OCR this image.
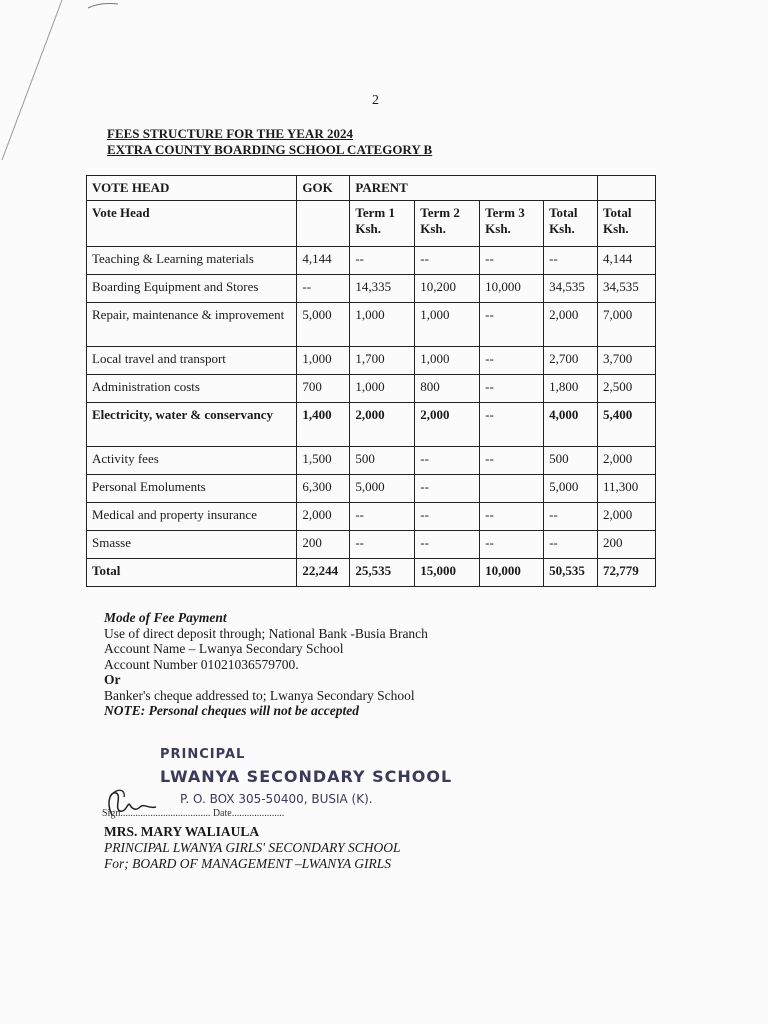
2
FEES STRUCTURE FOR THE YEAR 2024
EXTRA COUNTY BOARDING SCHOOL CATEGORY B
VOTE HEAD	GOK	PARENT				
Vote Head		Term 1 Ksh.	Term 2 Ksh.	Term 3 Ksh.	Total Ksh.	Total Ksh.
Teaching & Learning materials	4,144	--	--	--	--	4,144
Boarding Equipment and Stores	--	14,335	10,200	10,000	34,535	34,535
Repair, maintenance & improvement	5,000	1,000	1,000	--	2,000	7,000
Local travel and transport	1,000	1,700	1,000	--	2,700	3,700
Administration costs	700	1,000	800	--	1,800	2,500
Electricity, water & conservancy	1,400	2,000	2,000	--	4,000	5,400
Activity fees	1,500	500	--	--	500	2,000
Personal Emoluments	6,300	5,000	--		5,000	11,300
Medical and property insurance	2,000	--	--	--	--	2,000
Smasse	200	--	--	--	--	200
Total	22,244	25,535	15,000	10,000	50,535	72,779
Mode of Fee Payment
Use of direct deposit through; National Bank -Busia Branch
Account Name – Lwanya Secondary School
Account Number 01021036579700.
Or
Banker's cheque addressed to; Lwanya Secondary School
NOTE: Personal cheques will not be accepted
PRINCIPAL
LWANYA SECONDARY SCHOOL
P. O. BOX 305-50400, BUSIA (K).
Sign.................................... Date.....................
MRS. MARY WALIAULA
PRINCIPAL LWANYA GIRLS' SECONDARY SCHOOL
For; BOARD OF MANAGEMENT –LWANYA GIRLS
